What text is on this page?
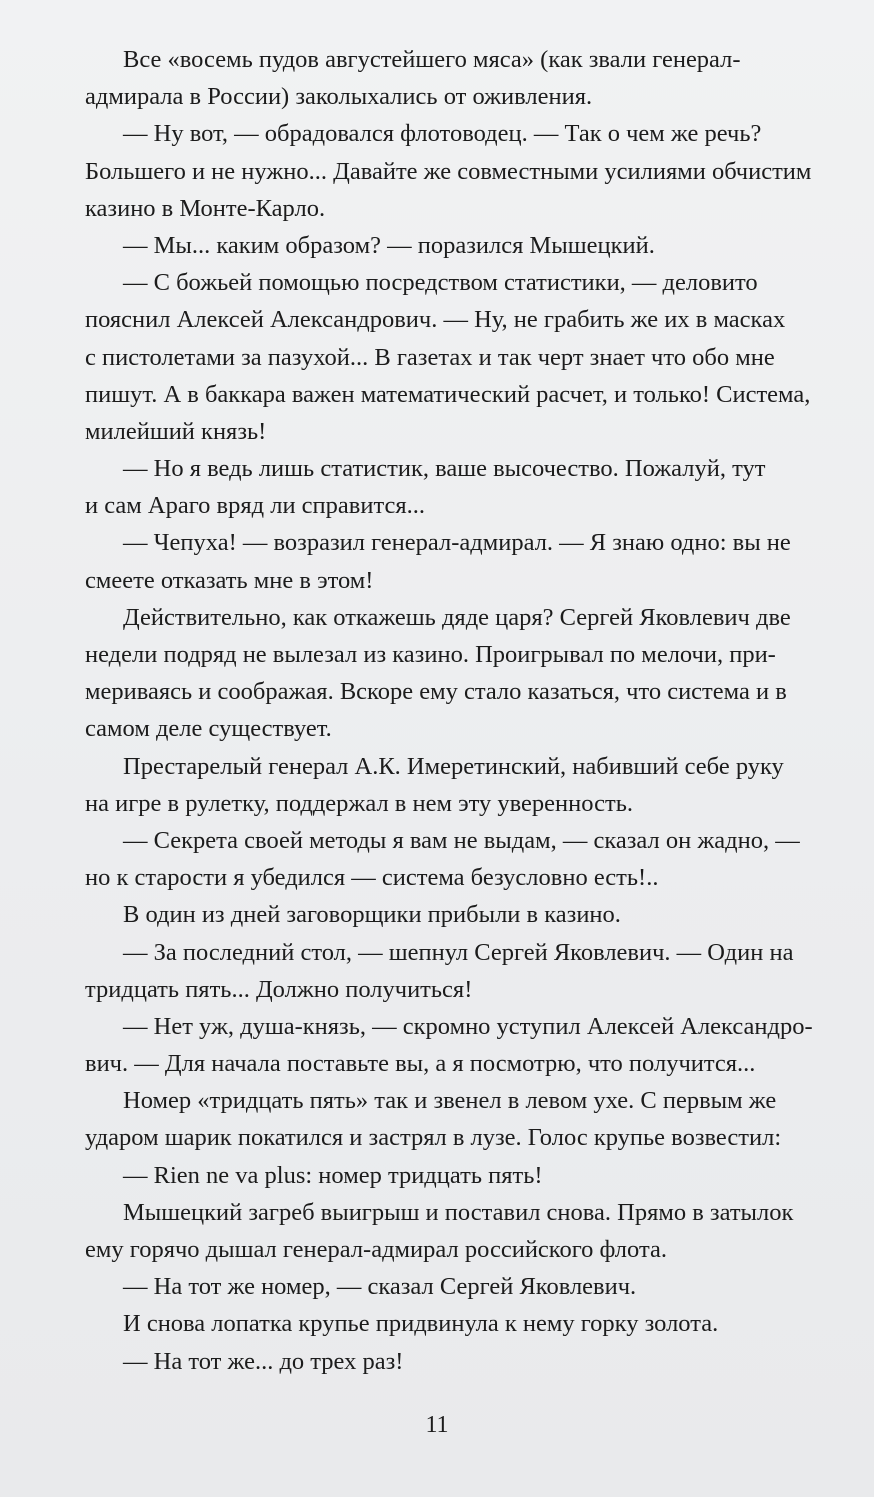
Все «восемь пудов августейшего мяса» (как звали генерал-
адмирала в России) заколыхались от оживления.
— Ну вот, — обрадовался флотоводец. — Так о чем же речь?
Большего и не нужно... Давайте же совместными усилиями обчистим
казино в Монте-Карло.
— Мы... каким образом? — поразился Мышецкий.
— С божьей помощью посредством статистики, — деловито
пояснил Алексей Александрович. — Ну, не грабить же их в масках
с пистолетами за пазухой... В газетах и так черт знает что обо мне
пишут. А в баккара важен математический расчет, и только! Система,
милейший князь!
— Но я ведь лишь статистик, ваше высочество. Пожалуй, тут
и сам Араго вряд ли справится...
— Чепуха! — возразил генерал-адмирал. — Я знаю одно: вы не
смеете отказать мне в этом!
Действительно, как откажешь дяде царя? Сергей Яковлевич две
недели подряд не вылезал из казино. Проигрывал по мелочи, при-
мериваясь и соображая. Вскоре ему стало казаться, что система и в
самом деле существует.
Престарелый генерал А.К. Имеретинский, набивший себе руку
на игре в рулетку, поддержал в нем эту уверенность.
— Секрета своей методы я вам не выдам, — сказал он жадно, —
но к старости я убедился — система безусловно есть!..
В один из дней заговорщики прибыли в казино.
— За последний стол, — шепнул Сергей Яковлевич. — Один на
тридцать пять... Должно получиться!
— Нет уж, душа-князь, — скромно уступил Алексей Александро-
вич. — Для начала поставьте вы, а я посмотрю, что получится...
Номер «тридцать пять» так и звенел в левом ухе. С первым же
ударом шарик покатился и застрял в лузе. Голос крупье возвестил:
— Rien ne va plus: номер тридцать пять!
Мышецкий загреб выигрыш и поставил снова. Прямо в затылок
ему горячо дышал генерал-адмирал российского флота.
— На тот же номер, — сказал Сергей Яковлевич.
И снова лопатка крупье придвинула к нему горку золота.
— На тот же... до трех раз!
11
